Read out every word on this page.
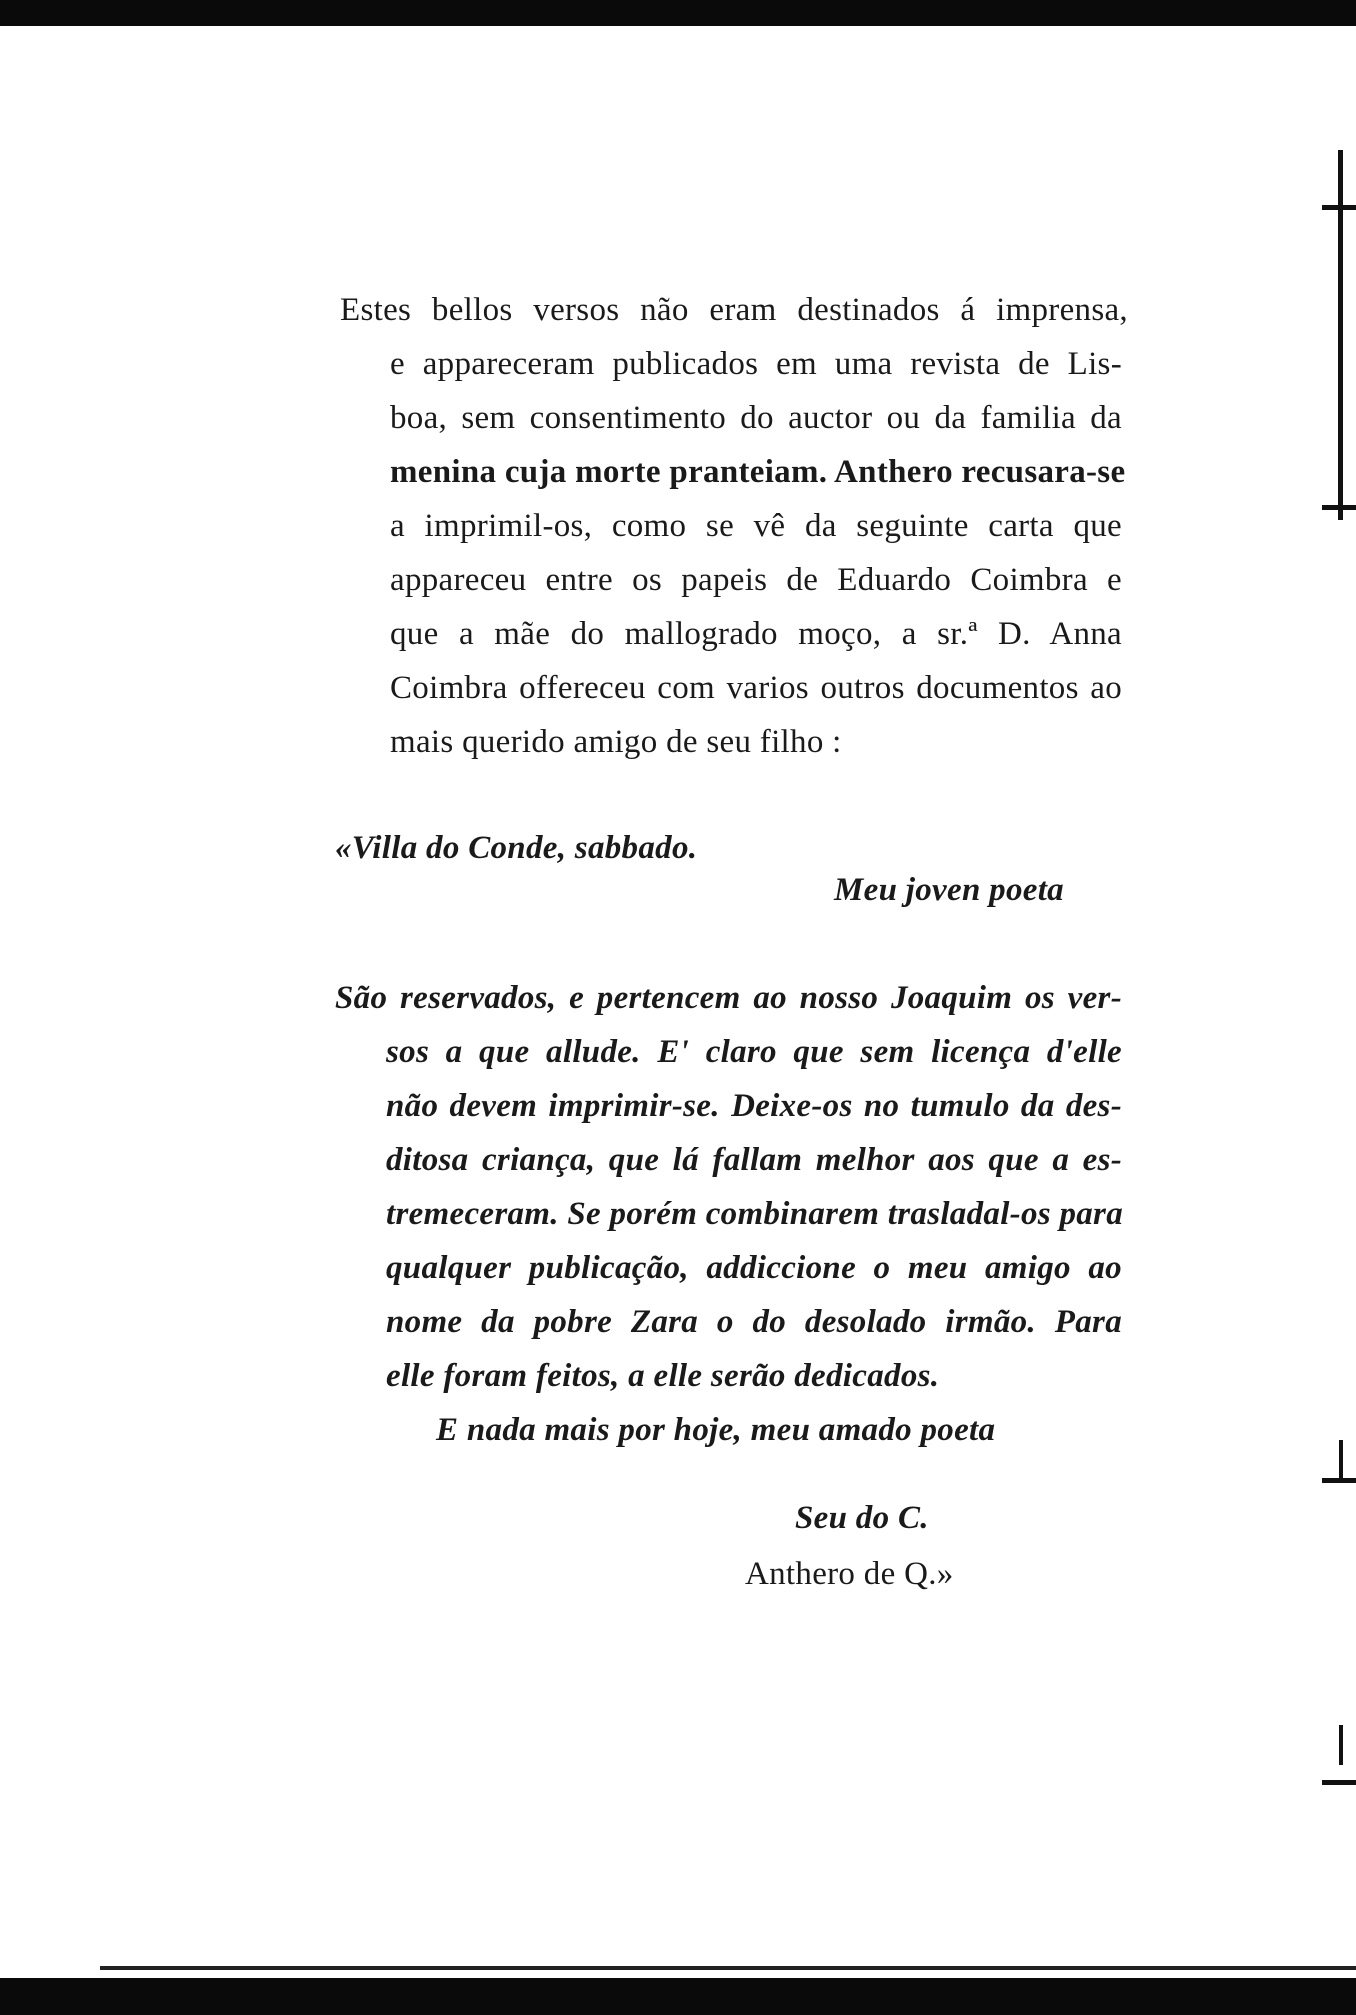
Estes bellos versos não eram destinados á imprensa,
e appareceram publicados em uma revista de Lis-
boa, sem consentimento do auctor ou da familia da
menina cuja morte pranteiam. Anthero recusara-se
a imprimil-os, como se vê da seguinte carta que
appareceu entre os papeis de Eduardo Coimbra e
que a mãe do mallogrado moço, a sr.ª D. Anna
Coimbra offereceu com varios outros documentos ao
mais querido amigo de seu filho :
«Villa do Conde, sabbado.
Meu joven poeta
São reservados, e pertencem ao nosso Joaquim os ver-
sos a que allude. E' claro que sem licença d'elle
não devem imprimir-se. Deixe-os no tumulo da des-
ditosa criança, que lá fallam melhor aos que a es-
tremeceram. Se porém combinarem trasladal-os para
qualquer publicação, addiccione o meu amigo ao
nome da pobre Zara o do desolado irmão. Para
elle foram feitos, a elle serão dedicados.
E nada mais por hoje, meu amado poeta
Seu do C.
Anthero de Q.»
